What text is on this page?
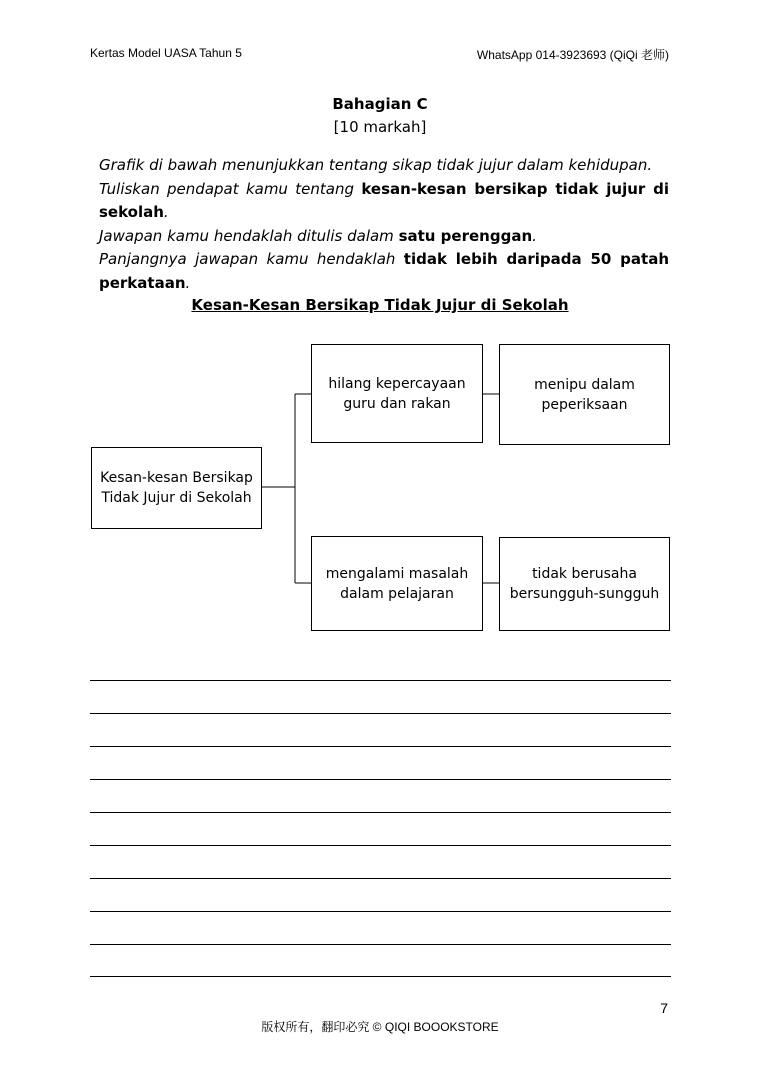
Kertas Model UASA Tahun 5	WhatsApp 014-3923693 (QiQi 老师)
Bahagian C
[10 markah]

Grafik di bawah menunjukkan tentang sikap tidak jujur dalam kehidupan.

Tuliskan pendapat kamu tentang kesan-kesan bersikap tidak jujur di sekolah.

Jawapan kamu hendaklah ditulis dalam satu perenggan.

Panjangnya jawapan kamu hendaklah tidak lebih daripada 50 patah perkataan.

Kesan-Kesan Bersikap Tidak Jujur di Sekolah
Kesan-kesan Bersikap Tidak Jujur di Sekolah
hilang kepercayaan guru dan rakan
menipu dalam peperiksaan
mengalami masalah dalam pelajaran
tidak berusaha bersungguh-sungguh
7
版权所有，翻印必究 © QIQI BOOOKSTORE
